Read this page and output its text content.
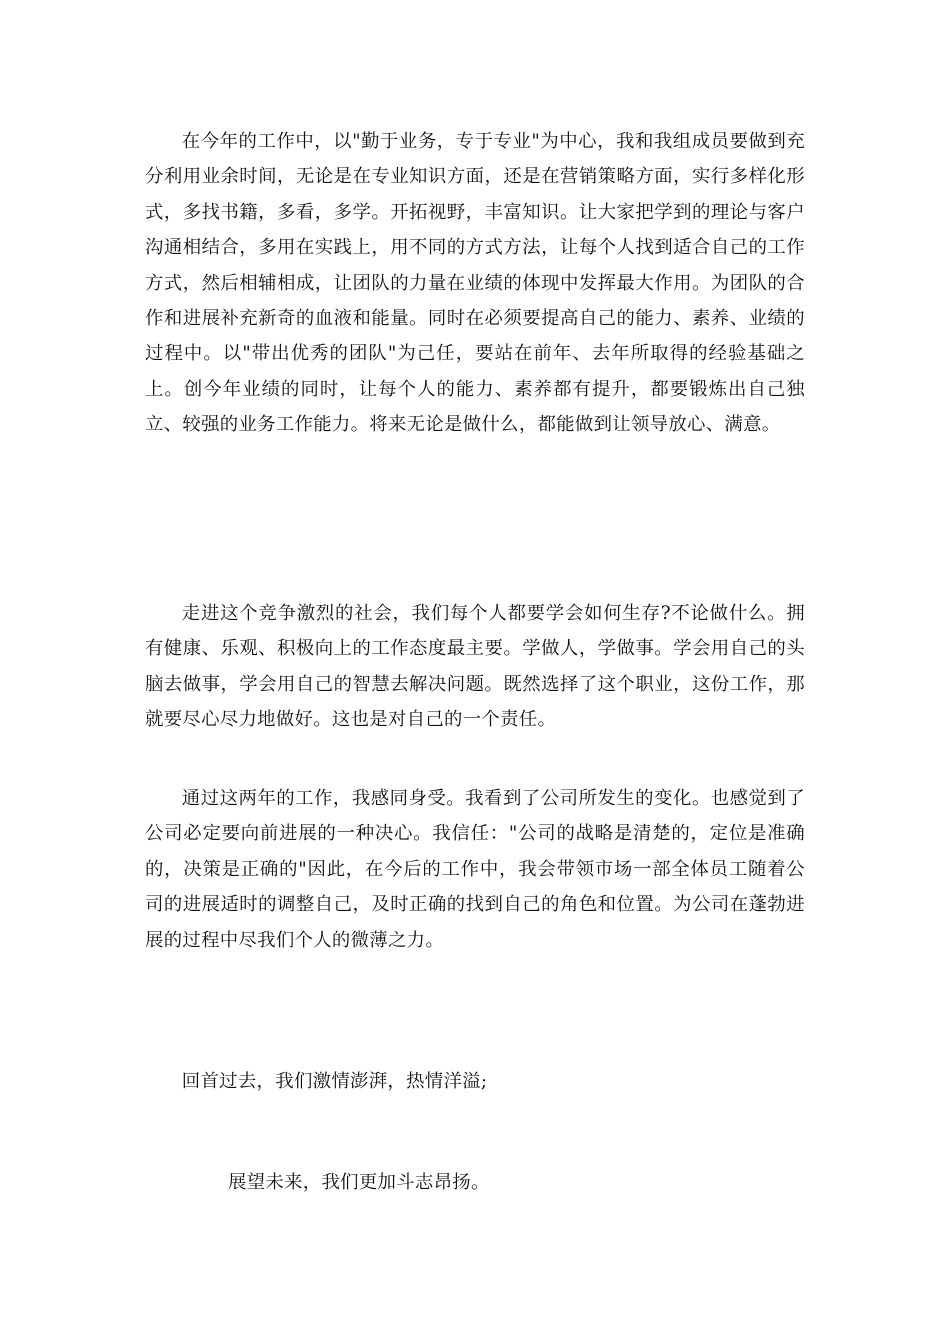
在今年的工作中，以"勤于业务，专于专业"为中心，我和我组成员要做到充分利用业余时间，无论是在专业知识方面，还是在营销策略方面，实行多样化形式，多找书籍，多看，多学。开拓视野，丰富知识。让大家把学到的理论与客户沟通相结合，多用在实践上，用不同的方式方法，让每个人找到适合自己的工作方式，然后相辅相成，让团队的力量在业绩的体现中发挥最大作用。为团队的合作和进展补充新奇的血液和能量。同时在必须要提高自己的能力、素养、业绩的过程中。以"带出优秀的团队"为己任，要站在前年、去年所取得的经验基础之上。创今年业绩的同时，让每个人的能力、素养都有提升，都要锻炼出自己独立、较强的业务工作能力。将来无论是做什么，都能做到让领导放心、满意。

走进这个竞争激烈的社会，我们每个人都要学会如何生存?不论做什么。拥有健康、乐观、积极向上的工作态度最主要。学做人，学做事。学会用自己的头脑去做事，学会用自己的智慧去解决问题。既然选择了这个职业，这份工作，那就要尽心尽力地做好。这也是对自己的一个责任。

通过这两年的工作，我感同身受。我看到了公司所发生的变化。也感觉到了公司必定要向前进展的一种决心。我信任："公司的战略是清楚的，定位是准确的，决策是正确的"因此，在今后的工作中，我会带领市场一部全体员工随着公司的进展适时的调整自己，及时正确的找到自己的角色和位置。为公司在蓬勃进展的过程中尽我们个人的微薄之力。

回首过去，我们激情澎湃，热情洋溢;

展望未来，我们更加斗志昂扬。
